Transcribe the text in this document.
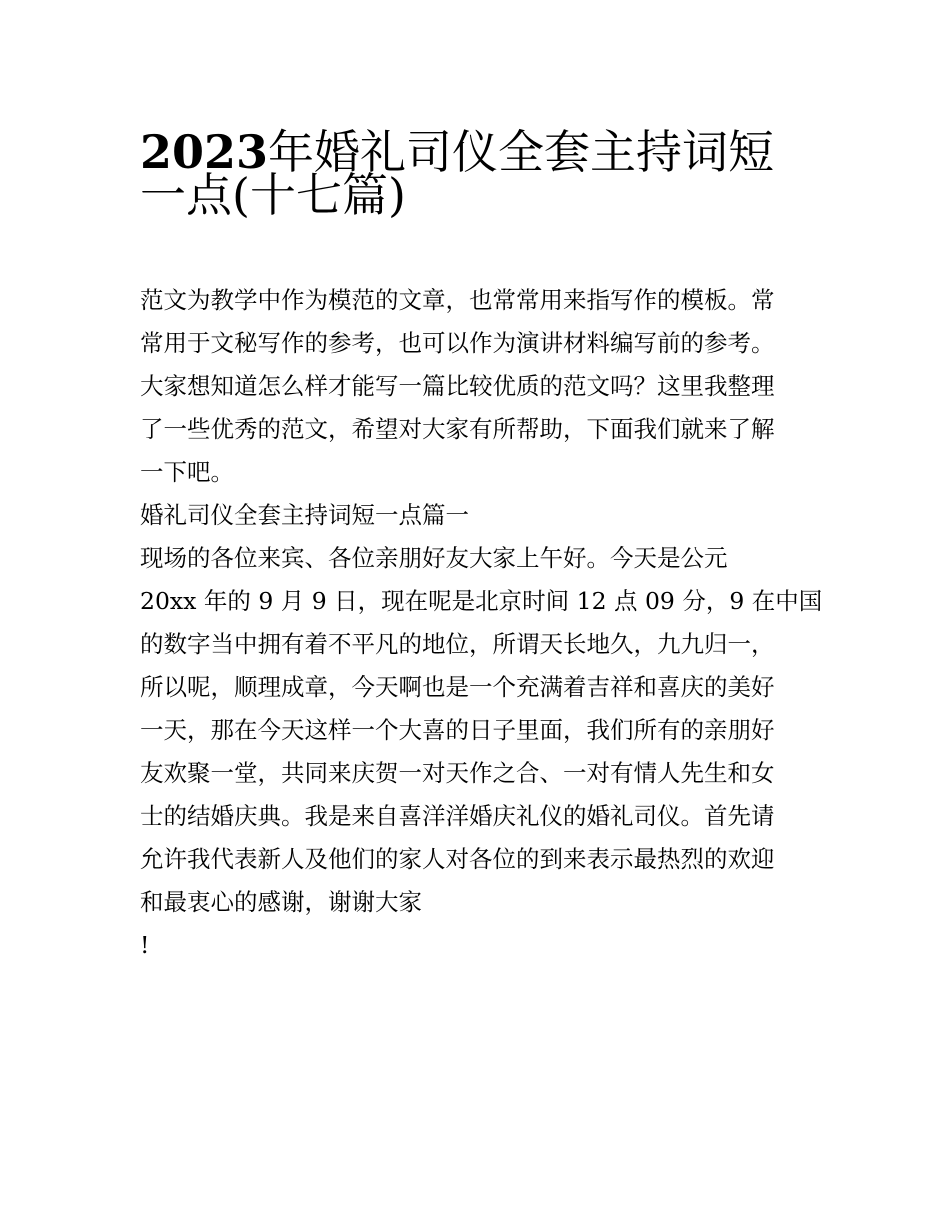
2023年婚礼司仪全套主持词短
一点(十七篇)
范文为教学中作为模范的文章，也常常用来指写作的模板。常
常用于文秘写作的参考，也可以作为演讲材料编写前的参考。
大家想知道怎么样才能写一篇比较优质的范文吗？这里我整理
了一些优秀的范文，希望对大家有所帮助，下面我们就来了解
一下吧。
婚礼司仪全套主持词短一点篇一
现场的各位来宾、各位亲朋好友大家上午好。今天是公元
20xx 年的 9 月 9 日，现在呢是北京时间 12 点 09 分，9 在中国
的数字当中拥有着不平凡的地位，所谓天长地久，九九归一，
所以呢，顺理成章，今天啊也是一个充满着吉祥和喜庆的美好
一天，那在今天这样一个大喜的日子里面，我们所有的亲朋好
友欢聚一堂，共同来庆贺一对天作之合、一对有情人先生和女
士的结婚庆典。我是来自喜洋洋婚庆礼仪的婚礼司仪。首先请
允许我代表新人及他们的家人对各位的到来表示最热烈的欢迎
和最衷心的感谢，谢谢大家

!
